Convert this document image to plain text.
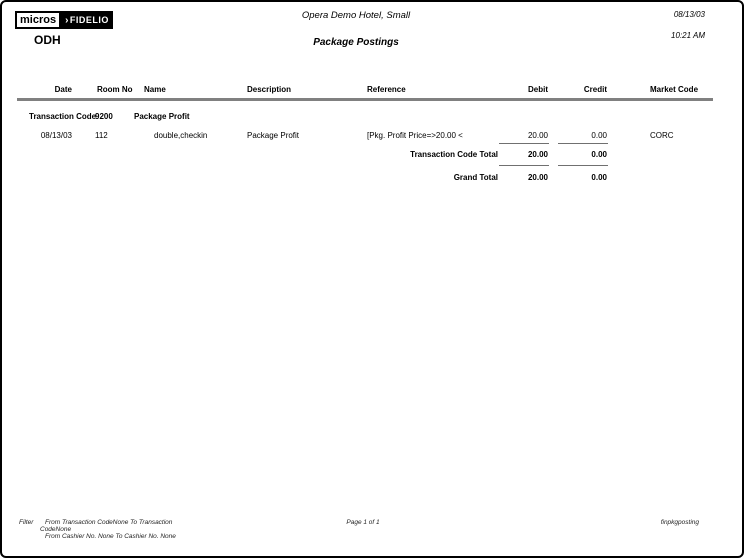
micros › FIDELIO
ODH
Opera Demo Hotel, Small
Package Postings
08/13/03
10:21 AM
Date	Room No Name	Description	Reference	Debit	Credit	Market Code
Transaction Code
9200	Package Profit
08/13/03	112	double,checkin	Package Profit	[Pkg. Profit Price=>20.00 <	20.00	0.00	CORC
Transaction Code Total	20.00	0.00
Grand Total	20.00	0.00
Filter From Transaction CodeNone To Transaction
CodeNone
From Cashier No. None To Cashier No. None
Page 1 of 1	finpkgposting
